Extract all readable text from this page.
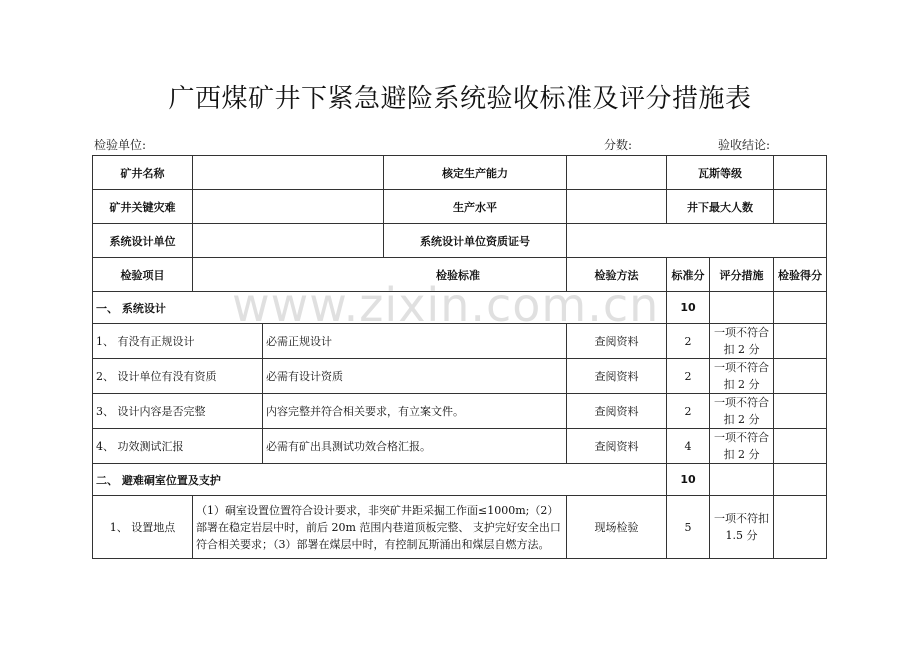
广西煤矿井下紧急避险系统验收标准及评分措施表
检验单位:	分数:	验收结论:
矿井名称			核定生产能力		瓦斯等级		
矿井关键灾难			生产水平		井下最大人数		
系统设计单位			系统设计单位资质证号				
检验项目	检验标准			检验方法	标准分	评分措施	检验得分
一、 系统设计					10		
1、 有没有正规设计		必需正规设计		查阅资料	2	一项不符合扣 2 分	
2、 设计单位有没有资质		必需有设计资质		查阅资料	2	一项不符合扣 2 分	
3、 设计内容是否完整		内容完整并符合相关要求，有立案文件。		查阅资料	2	一项不符合扣 2 分	
4、 功效测试汇报		必需有矿出具测试功效合格汇报。		查阅资料	4	一项不符合扣 2 分	
二、 避难硐室位置及支护					10		
1、 设置地点	（1）硐室设置位置符合设计要求，非突矿井距采掘工作面≤1000m;（2）部署在稳定岩层中时，前后 20m 范围内巷道顶板完整、 支护完好安全出口符合相关要求；（3）部署在煤层中时，有控制瓦斯涌出和煤层自燃方法。			现场检验	5	一项不符扣 1.5 分	
www.zixin.com.cn
